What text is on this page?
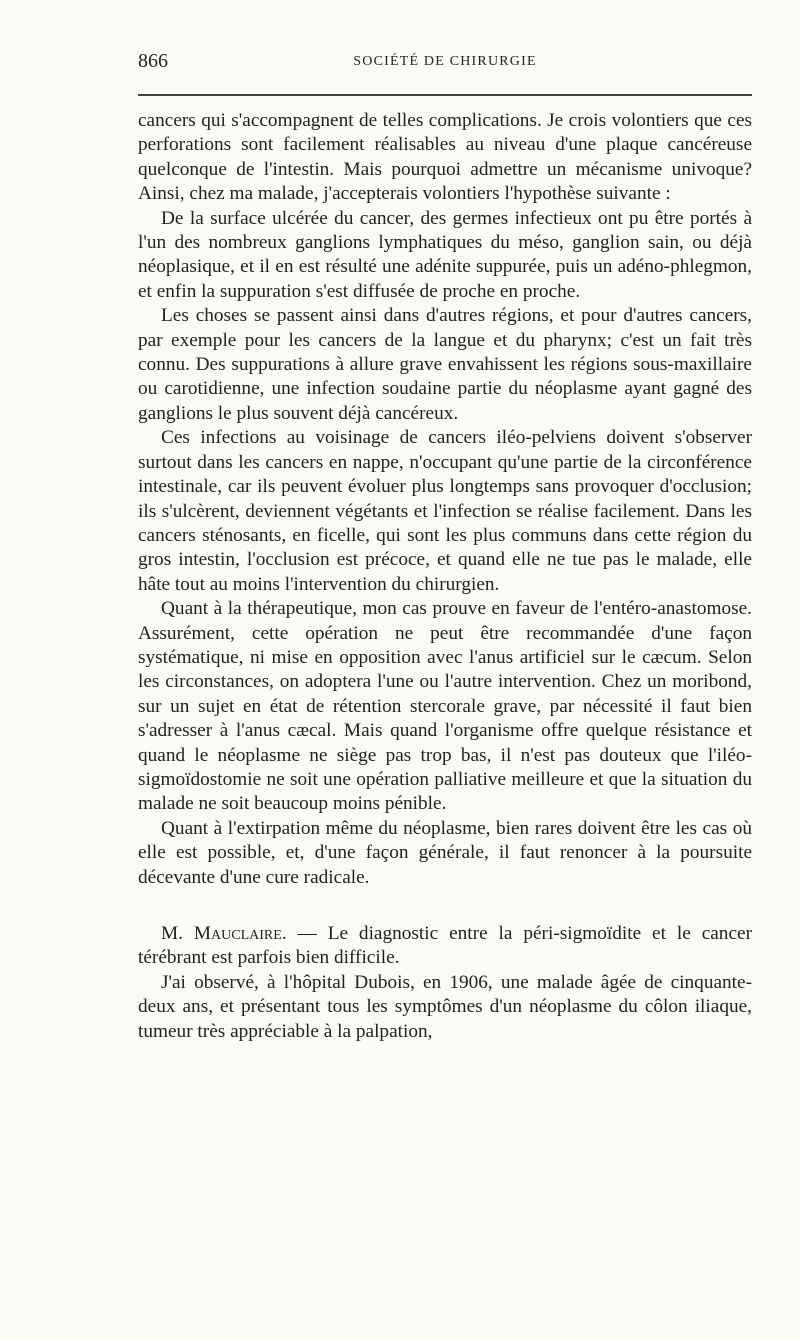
866	SOCIÉTÉ DE CHIRURGIE

cancers qui s'accompagnent de telles complications. Je crois volontiers que ces perforations sont facilement réalisables au niveau d'une plaque cancéreuse quelconque de l'intestin. Mais pourquoi admettre un mécanisme univoque? Ainsi, chez ma malade, j'accepterais volontiers l'hypothèse suivante :

De la surface ulcérée du cancer, des germes infectieux ont pu être portés à l'un des nombreux ganglions lymphatiques du méso, ganglion sain, ou déjà néoplasique, et il en est résulté une adénite suppurée, puis un adéno-phlegmon, et enfin la suppuration s'est diffusée de proche en proche.

Les choses se passent ainsi dans d'autres régions, et pour d'autres cancers, par exemple pour les cancers de la langue et du pharynx; c'est un fait très connu. Des suppurations à allure grave envahissent les régions sous-maxillaire ou carotidienne, une infection soudaine partie du néoplasme ayant gagné des ganglions le plus souvent déjà cancéreux.

Ces infections au voisinage de cancers iléo-pelviens doivent s'observer surtout dans les cancers en nappe, n'occupant qu'une partie de la circonférence intestinale, car ils peuvent évoluer plus longtemps sans provoquer d'occlusion; ils s'ulcèrent, deviennent végétants et l'infection se réalise facilement. Dans les cancers sténosants, en ficelle, qui sont les plus communs dans cette région du gros intestin, l'occlusion est précoce, et quand elle ne tue pas le malade, elle hâte tout au moins l'intervention du chirurgien.

Quant à la thérapeutique, mon cas prouve en faveur de l'entéro-anastomose. Assurément, cette opération ne peut être recommandée d'une façon systématique, ni mise en opposition avec l'anus artificiel sur le cæcum. Selon les circonstances, on adoptera l'une ou l'autre intervention. Chez un moribond, sur un sujet en état de rétention stercorale grave, par nécessité il faut bien s'adresser à l'anus cæcal. Mais quand l'organisme offre quelque résistance et quand le néoplasme ne siège pas trop bas, il n'est pas douteux que l'iléo-sigmoïdostomie ne soit une opération palliative meilleure et que la situation du malade ne soit beaucoup moins pénible.

Quant à l'extirpation même du néoplasme, bien rares doivent être les cas où elle est possible, et, d'une façon générale, il faut renoncer à la poursuite décevante d'une cure radicale.

M. Mauclaire. — Le diagnostic entre la péri-sigmoïdite et le cancer térébrant est parfois bien difficile.

J'ai observé, à l'hôpital Dubois, en 1906, une malade âgée de cinquante-deux ans, et présentant tous les symptômes d'un néoplasme du côlon iliaque, tumeur très appréciable à la palpation,
